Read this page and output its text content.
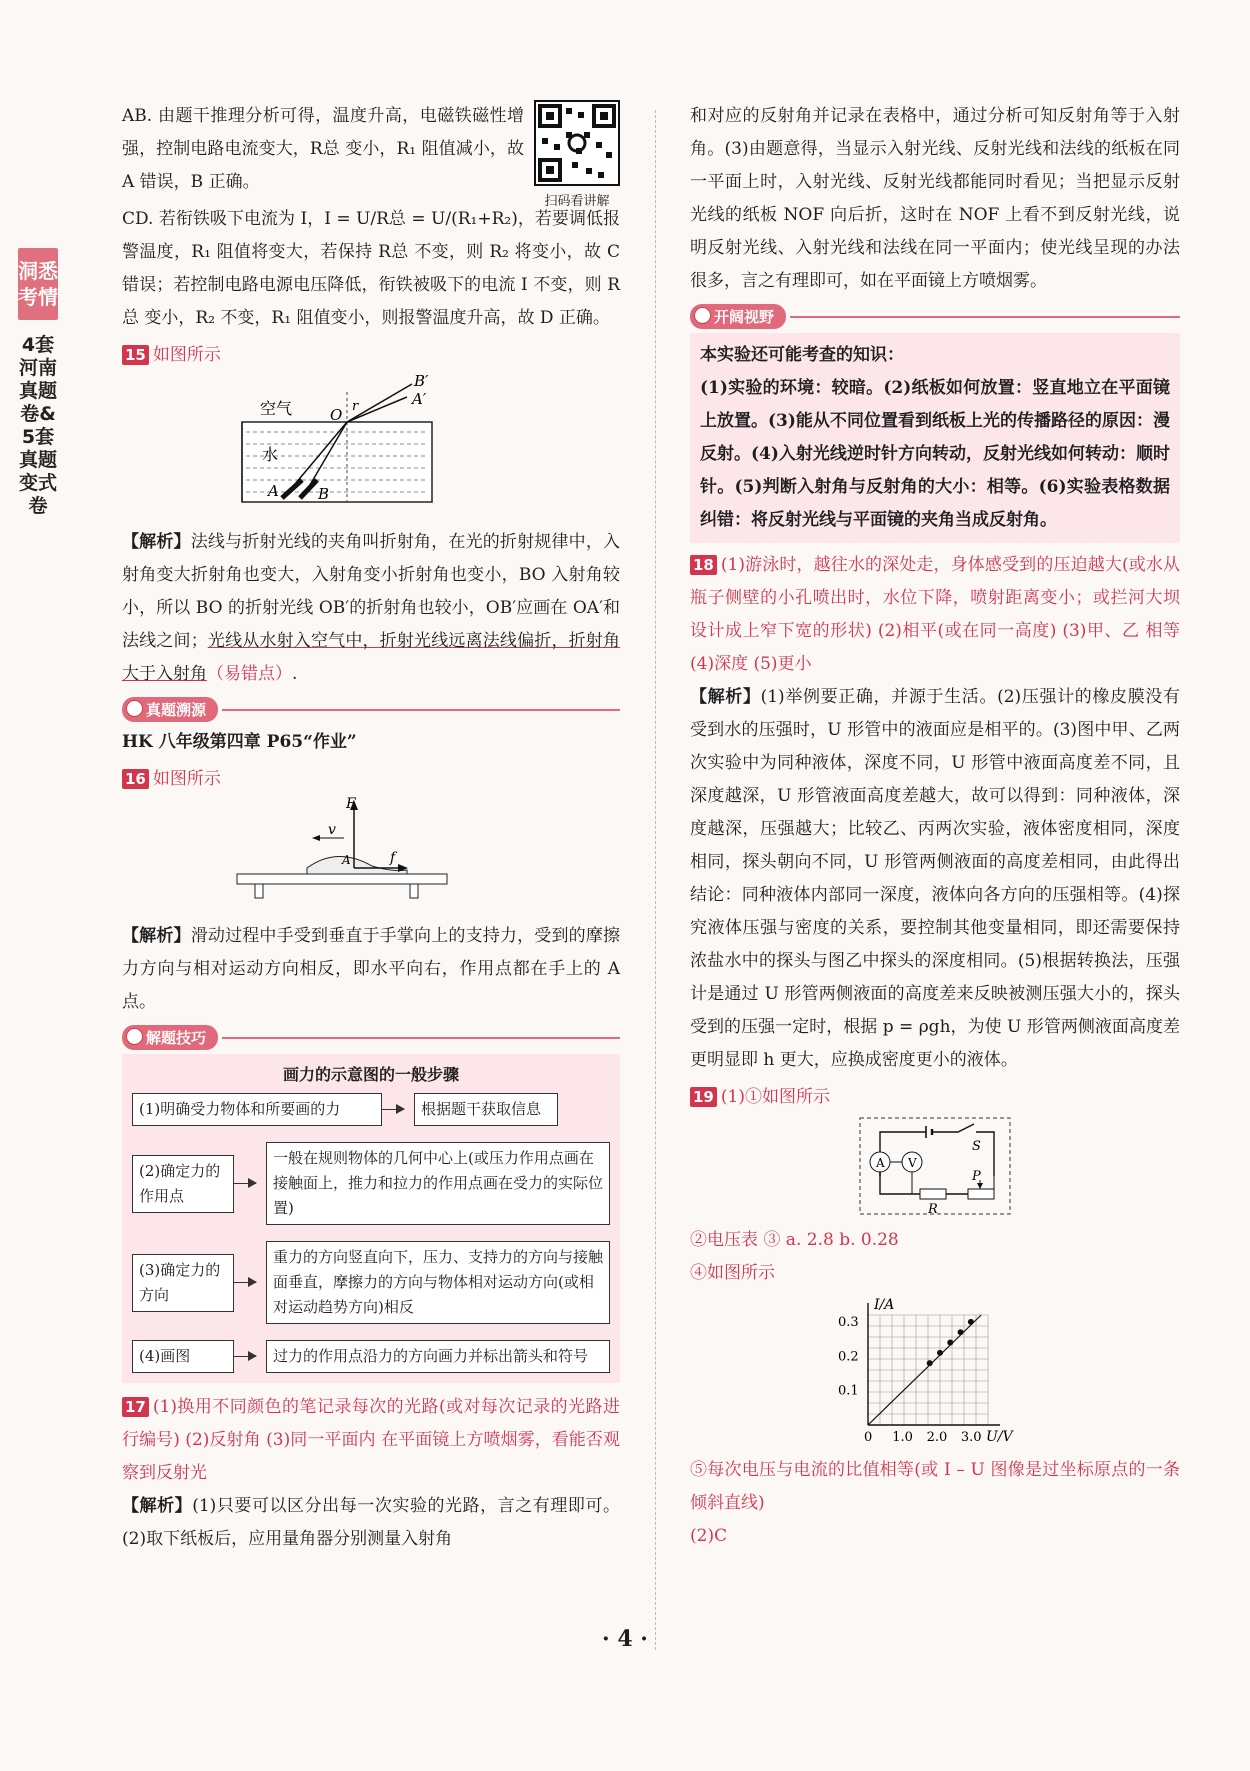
洞悉考情
4套河南真题卷&5套真题变式卷
扫码看讲解

AB. 由题干推理分析可得，温度升高，电磁铁磁性增强，控制电路电流变大，R总 变小，R₁ 阻值减小，故 A 错误，B 正确。

CD. 若衔铁吸下电流为 I，I = U/R总 = U/(R₁+R₂)，若要调低报警温度，R₁ 阻值将变大，若保持 R总 不变，则 R₂ 将变小，故 C 错误；若控制电路电源电压降低，衔铁被吸下的电流 I 不变，则 R总 变小，R₂ 不变，R₁ 阻值变小，则报警温度升高，故 D 正确。

15 如图所示

空气
水
O r
A	B
B′
A′

【解析】法线与折射光线的夹角叫折射角，在光的折射规律中，入射角变大折射角也变大，入射角变小折射角也变小，BO 入射角较小，所以 BO 的折射光线 OB′的折射角也较小，OB′应画在 OA′和法线之间；光线从水射入空气中，折射光线远离法线偏折，折射角大于入射角（易错点）.

真题溯源

HK 八年级第四章 P65“作业”

16 如图所示

F
v
f
A

【解析】滑动过程中手受到垂直于手掌向上的支持力，受到的摩擦力方向与相对运动方向相反，即水平向右，作用点都在手上的 A 点。

解题技巧
画力的示意图的一般步骤
(1)明确受力物体和所要画的力	根据题干获取信息
(2)确定力的作用点
一般在规则物体的几何中心上(或压力作用点画在接触面上，推力和拉力的作用点画在受力的实际位置)
(3)确定力的方向
重力的方向竖直向下，压力、支持力的方向与接触面垂直，摩擦力的方向与物体相对运动方向(或相对运动趋势方向)相反
(4)画图	过力的作用点沿力的方向画力并标出箭头和符号

17 (1)换用不同颜色的笔记录每次的光路(或对每次记录的光路进行编号) (2)反射角 (3)同一平面内 在平面镜上方喷烟雾，看能否观察到反射光

【解析】(1)只要可以区分出每一次实验的光路，言之有理即可。(2)取下纸板后，应用量角器分别测量入射角

和对应的反射角并记录在表格中，通过分析可知反射角等于入射角。(3)由题意得，当显示入射光线、反射光线和法线的纸板在同一平面上时，入射光线、反射光线都能同时看见；当把显示反射光线的纸板 NOF 向后折，这时在 NOF 上看不到反射光线，说明反射光线、入射光线和法线在同一平面内；使光线呈现的办法很多，言之有理即可，如在平面镜上方喷烟雾。

开阔视野

本实验还可能考查的知识：

(1)实验的环境：较暗。(2)纸板如何放置：竖直地立在平面镜上放置。(3)能从不同位置看到纸板上光的传播路径的原因：漫反射。(4)入射光线逆时针方向转动，反射光线如何转动：顺时针。(5)判断入射角与反射角的大小：相等。(6)实验表格数据纠错：将反射光线与平面镜的夹角当成反射角。

18 (1)游泳时，越往水的深处走，身体感受到的压迫越大(或水从瓶子侧壁的小孔喷出时，水位下降，喷射距离变小；或拦河大坝设计成上窄下宽的形状) (2)相平(或在同一高度) (3)甲、乙 相等 (4)深度 (5)更小

【解析】(1)举例要正确，并源于生活。(2)压强计的橡皮膜没有受到水的压强时，U 形管中的液面应是相平的。(3)图中甲、乙两次实验中为同种液体，深度不同，U 形管中液面高度差不同，且深度越深，U 形管液面高度差越大，故可以得到：同种液体，深度越深，压强越大；比较乙、丙两次实验，液体密度相同，深度相同，探头朝向不同，U 形管两侧液面的高度差相同，由此得出结论：同种液体内部同一深度，液体向各方向的压强相等。(4)探究液体压强与密度的关系，要控制其他变量相同，即还需要保持浓盐水中的探头与图乙中探头的深度相同。(5)根据转换法，压强计是通过 U 形管两侧液面的高度差来反映被测压强大小的，探头受到的压强一定时，根据 p = ρgh，为使 U 形管两侧液面高度差更明显即 h 更大，应换成密度更小的液体。

19 (1)①如图所示

A V
S
P
R

②电压表 ③ a. 2.8 b. 0.28

④如图所示

U/V
I/A
0 1.0 2.0 3.0
0.1
0.2
0.3

⑤每次电压与电流的比值相等(或 I – U 图像是过坐标原点的一条倾斜直线)

(2)C

· 4 ·
